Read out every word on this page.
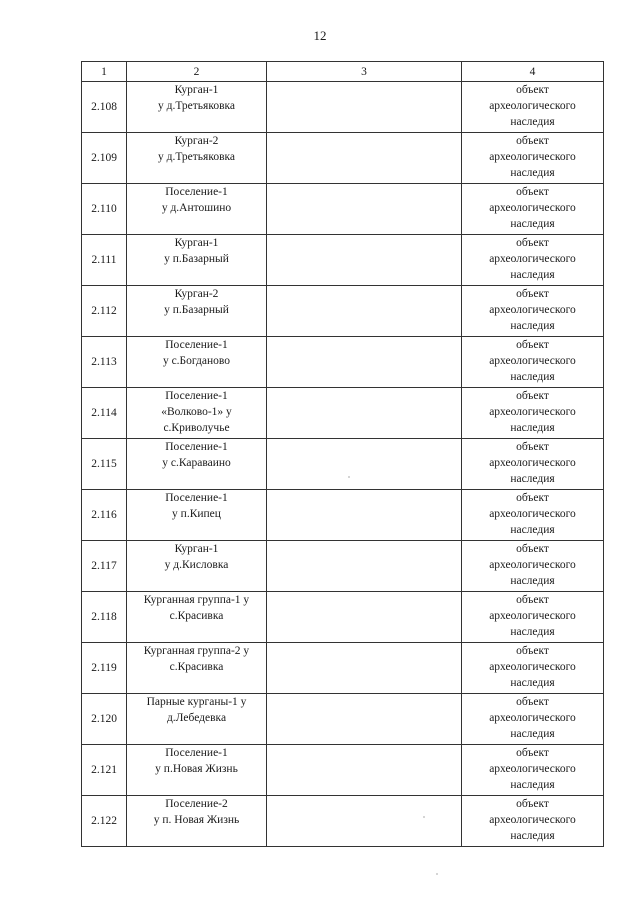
12
1	2	3	4
2.108	Курган-1
у д.Третьяковка		объект
археологического
наследия

2.109	Курган-2
у д.Третьяковка		объект
археологического
наследия

2.110	Поселение-1
у д.Антошино		объект
археологического
наследия

2.111	Курган-1
у п.Базарный		объект
археологического
наследия

2.112	Курган-2
у п.Базарный		объект
археологического
наследия

2.113	Поселение-1
у с.Богданово		объект
археологического
наследия

2.114	Поселение-1
«Волково-1» у
с.Криволучье		объект
археологического
наследия

2.115	Поселение-1
у с.Караваино		объект
археологического
наследия

2.116	Поселение-1
у п.Кипец		объект
археологического
наследия

2.117	Курган-1
у д.Кисловка		объект
археологического
наследия

2.118	Курганная группа-1 у
с.Красивка		объект
археологического
наследия

2.119	Курганная группа-2 у
с.Красивка		объект
археологического
наследия

2.120	Парные курганы-1 у
д.Лебедевка		объект
археологического
наследия

2.121	Поселение-1
у п.Новая Жизнь		объект
археологического
наследия

2.122	Поселение-2
у п. Новая Жизнь		объект
археологического
наследия
